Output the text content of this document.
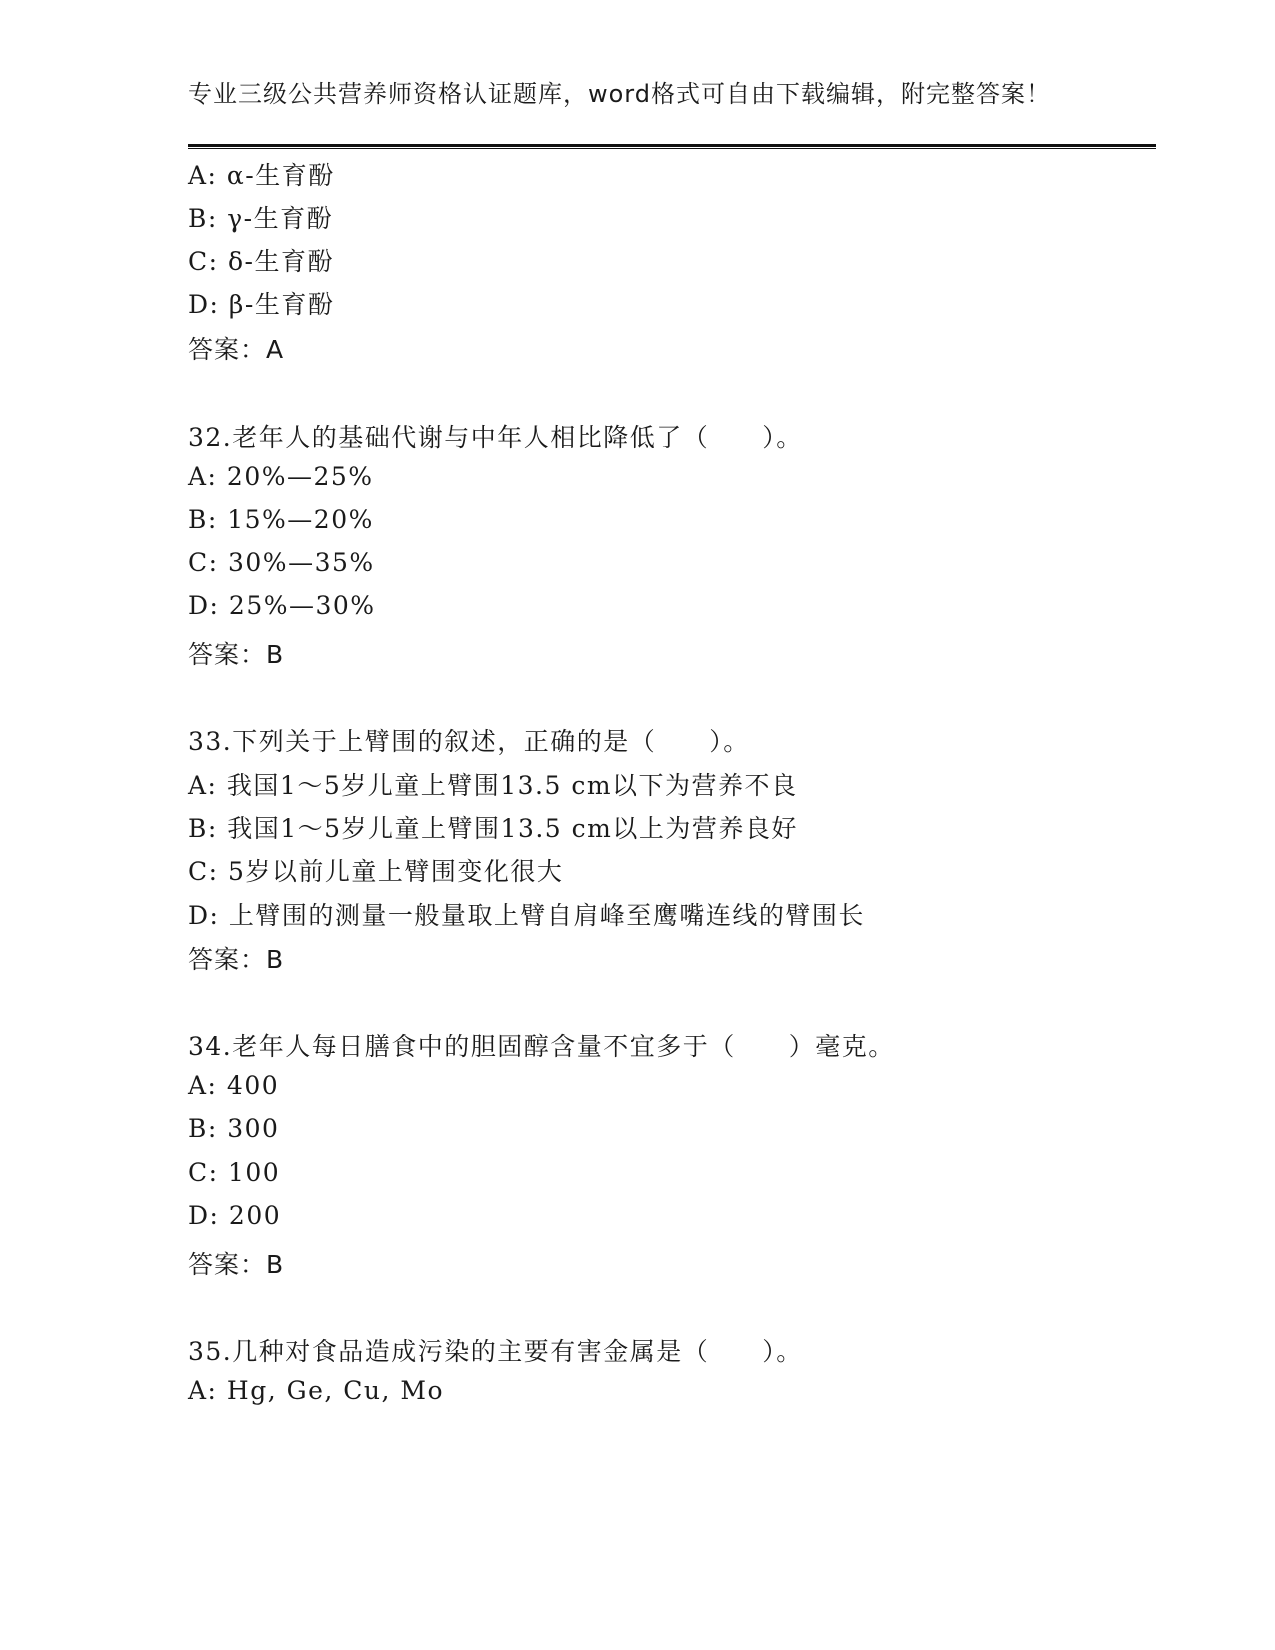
专业三级公共营养师资格认证题库，word格式可自由下载编辑，附完整答案！
A: α-生育酚
B: γ-生育酚
C: δ-生育酚
D: β-生育酚
答案：A
32.老年人的基础代谢与中年人相比降低了（　　）。
A: 20%—25%
B: 15%—20%
C: 30%—35%
D: 25%—30%
答案：B
33.下列关于上臂围的叙述，正确的是（　　）。
A: 我国1～5岁儿童上臂围13.5 cm以下为营养不良
B: 我国1～5岁儿童上臂围13.5 cm以上为营养良好
C: 5岁以前儿童上臂围变化很大
D: 上臂围的测量一般量取上臂自肩峰至鹰嘴连线的臂围长
答案：B
34.老年人每日膳食中的胆固醇含量不宜多于（　　）毫克。
A: 400
B: 300
C: 100
D: 200
答案：B
35.几种对食品造成污染的主要有害金属是（　　）。
A: Hg, Ge, Cu, Mo
